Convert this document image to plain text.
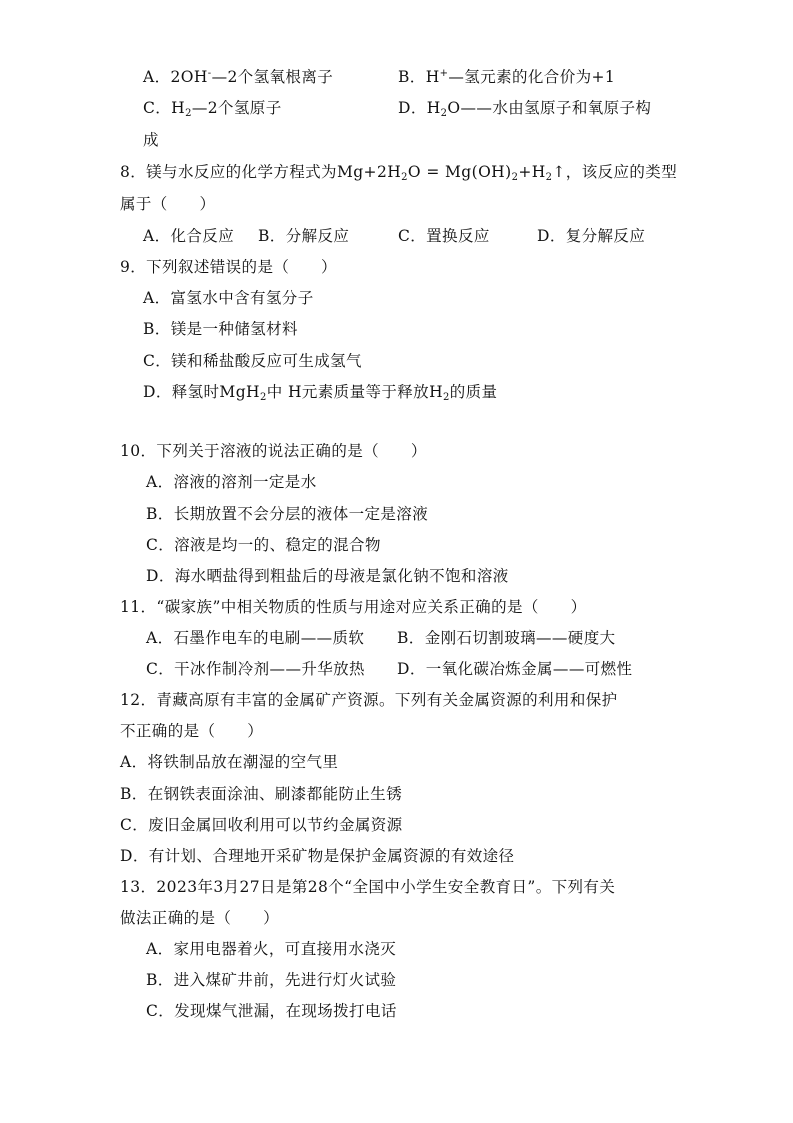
A．2OH-—2个氢氧根离子	B．H+—氢元素的化合价为+1
C．$H_2—2$个氢原子	D．$H_2O——$水由氢原子和氧原子构
成
8．镁与水反应的化学方程式为$Mg+2H_2O$ = $Mg(OH)_2+H_2↑$，该反应的类型
属于（　　）
A．化合反应 B．分解反应	C．置换反应	D．复分解反应
9．下列叙述错误的是（　　）
A．富氢水中含有氢分子
B．镁是一种储氢材料
C．镁和稀盐酸反应可生成氢气
D．释氢时MgH$_2$中 H元素质量等于释放$H_2$的质量
10．下列关于溶液的说法正确的是（　　）
A．溶液的溶剂一定是水
B．长期放置不会分层的液体一定是溶液
C．溶液是均一的、稳定的混合物
D．海水晒盐得到粗盐后的母液是氯化钠不饱和溶液
11．“碳家族”中相关物质的性质与用途对应关系正确的是（　　）
A．石墨作电车的电刷——质软 B．金刚石切割玻璃——硬度大
C．干冰作制冷剂——升华放热 D．一氧化碳冶炼金属——可燃性
12．青藏高原有丰富的金属矿产资源。下列有关金属资源的利用和保护
不正确的是（　　）
A．将铁制品放在潮湿的空气里
B．在钢铁表面涂油、刷漆都能防止生锈
C．废旧金属回收利用可以节约金属资源
D．有计划、合理地开采矿物是保护金属资源的有效途径
13．2023年3月27日是第28个“全国中小学生安全教育日”。下列有关
做法正确的是（　　）
A．家用电器着火，可直接用水浇灭
B．进入煤矿井前，先进行灯火试验
C．发现煤气泄漏，在现场拨打电话
